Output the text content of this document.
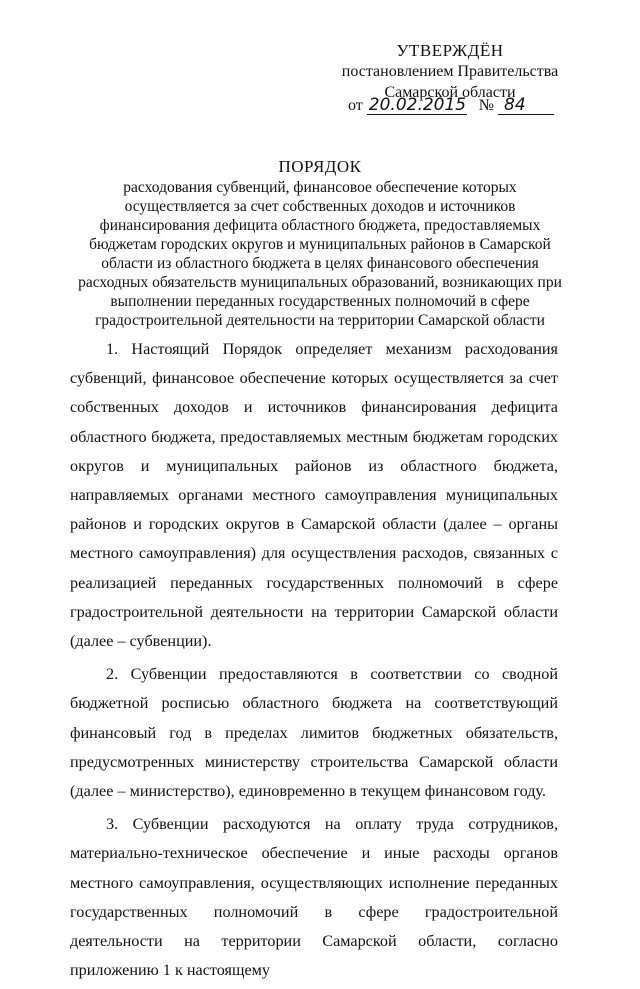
УТВЕРЖДЁН
постановлением Правительства
Самарской области
от 20.02.2015 № 84
ПОРЯДОК
расходования субвенций, финансовое обеспечение которых
осуществляется за счет собственных доходов и источников
финансирования дефицита областного бюджета, предоставляемых
бюджетам городских округов и муниципальных районов в Самарской
области из областного бюджета в целях финансового обеспечения
расходных обязательств муниципальных образований, возникающих при
выполнении переданных государственных полномочий в сфере
градостроительной деятельности на территории Самарской области

1. Настоящий Порядок определяет механизм расходования субвенций, финансовое обеспечение которых осуществляется за счет собственных доходов и источников финансирования дефицита областного бюджета, предоставляемых местным бюджетам городских округов и муниципальных районов из областного бюджета, направляемых органами местного самоуправления муниципальных районов и городских округов в Самарской области (далее – органы местного самоуправления) для осуществления расходов, связанных с реализацией переданных государственных полномочий в сфере градостроительной деятельности на территории Самарской области (далее – субвенции).

2. Субвенции предоставляются в соответствии со сводной бюджетной росписью областного бюджета на соответствующий финансовый год в пределах лимитов бюджетных обязательств, предусмотренных министерству строительства Самарской области (далее – министерство), единовременно в текущем финансовом году.

3. Субвенции расходуются на оплату труда сотрудников, материально-техническое обеспечение и иные расходы органов местного самоуправления, осуществляющих исполнение переданных государственных полномочий в сфере градостроительной деятельности на территории Самарской области, согласно приложению 1 к настоящему
